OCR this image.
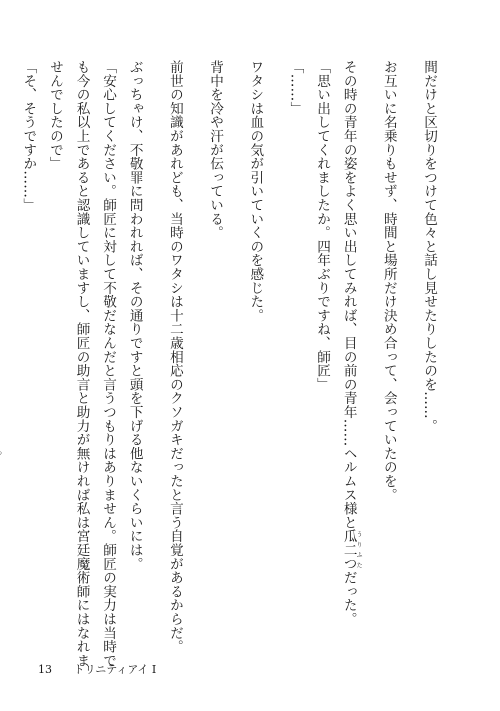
間だけと区切りをつけて色々と話し見せたりしたのを……。
お互いに名乗りもせず、時間と場所だけ決め合って、会っていたのを。
その時の青年の姿をよく思い出してみれば、目の前の青年……ヘルムス様と瓜二つうりふただった。
「思い出してくれましたか。四年ぶりですね、師匠」
「……」
ワタシは血の気が引いていくのを感じた。
背中を冷や汗が伝っている。
前世の知識があれども、当時のワタシは十二歳相応のクソガキだったと言う自覚があるからだ。
ぶっちゃけ、不敬罪に問われれば、その通りですと頭を下げる他ないくらいには。
「安心してください。師匠に対して不敬だなんだと言うつもりはありません。師匠の実力は当時で
も今の私以上であると認識していますし、師匠の助言と助力が無ければ私は宮廷魔術師にはなれま
せんでしたので」
「そ、そうですか……」
13 トリニティアイ Ⅰ
